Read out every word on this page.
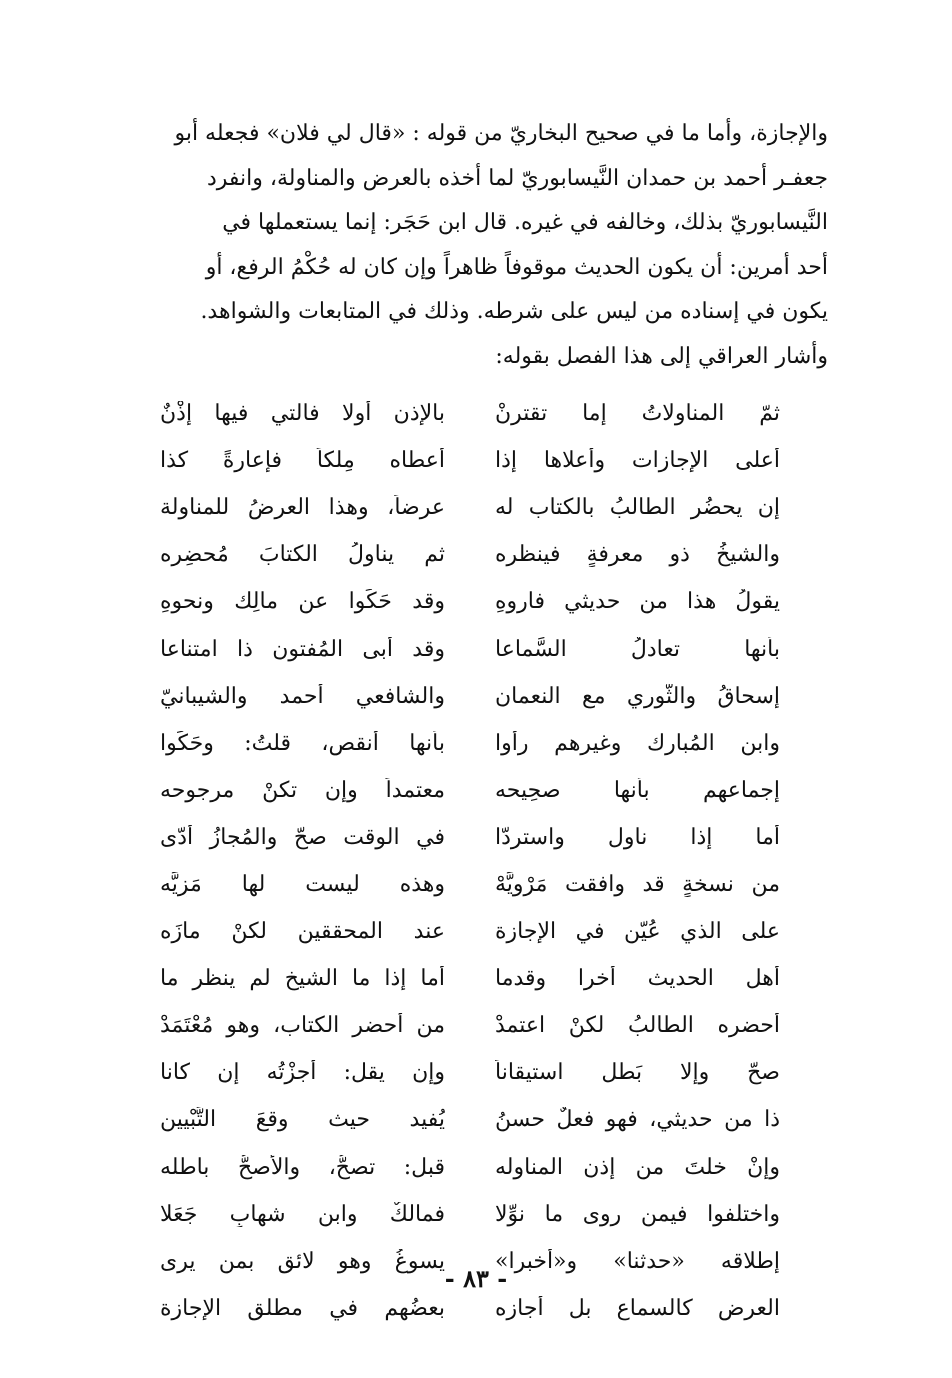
والإجازة، وأما ما في صحيح البخاريّ من قوله : «قال لي فلان» فجعله أبو

جعفـر أحمد بن حمدان النَّيسابوريّ لما أخذه بالعرض والمناولة، وانفرد

النَّيسابوريّ بذلك، وخالفه في غيره. قال ابن حَجَر: إنما يستعملها في

أحد أمرين: أن يكون الحديث موقوفاً ظاهراً وإن كان له حُكْمُ الرفع، أو

يكون في إسناده من ليس على شرطه. وذلك في المتابعات والشواهد.

وأشار العراقي إلى هذا الفصل بقوله:

ثمّ المناولاتُ إما تقترنْ
بالإذن أولا فالتي فيها إذْنٌ
أعلى الإجازات وأعلاها إذا
أعطاه مِلكاً فإعارةً كذا
إن يحضُر الطالبُ بالكتاب له
عرضاً، وهذا العرضُ للمناولة
والشيخُ ذو معرفةٍ فينظره
ثم يناولُ الكتابَ مُحضِره
يقولُ هذا من حديثي فاروهِ
وقد حَكَوا عن مالِك ونحوهِ
بأنها تعادلُ السَّماعا
وقد أبى المُفتون ذا امتناعا
إسحاقُ والثَّوري مع النعمان
والشافعي أحمد والشيبانيّ
وابن المُبارك وغيرهم رأوا
بأنها أنقص، قلتُ: وحَكَوا
إجماعهم بأنها صحِيحه
معتمداً وإن تكنْ مرجوحه
أما إذا ناول واستردّا
في الوقت صحّ والمُجازُ أدّى
من نسخةٍ قد وافقت مَرْويَّهْ
وهذه ليست لها مَزِيَّه
على الذي عُيّن في الإجازة
عند المحققين لكنْ مازَه
أهل الحديث أخرا وقدما
أما إذا ما الشيخ لم ينظر ما
أحضره الطالبُ لكنْ اعتمدْ
من أحضر الكتاب، وهو مُعْتَمَدْ
صحّ وإلا بَطل استيقاناً
وإن يقل: أجزْتُه إن كانا
ذا من حديثي، فهو فعلٌ حسنُ
يُفيد حيث وقعَ التَّبْيين
وإنْ خلتَ من إذن المناوله
قبل: تصحُّ، والأصحُّ باطله
واختلفوا فيمن روى ما نوِّلا
فمالكٌ وابن شهابٍ جَعَلا
إطلاقه «حدثنا» و«أخبرا»
يسوغُ وهو لائق بمن يرى
العرض كالسماع بل أجازه
بعضُهم في مطلق الإجازة
- ٨٣ -
